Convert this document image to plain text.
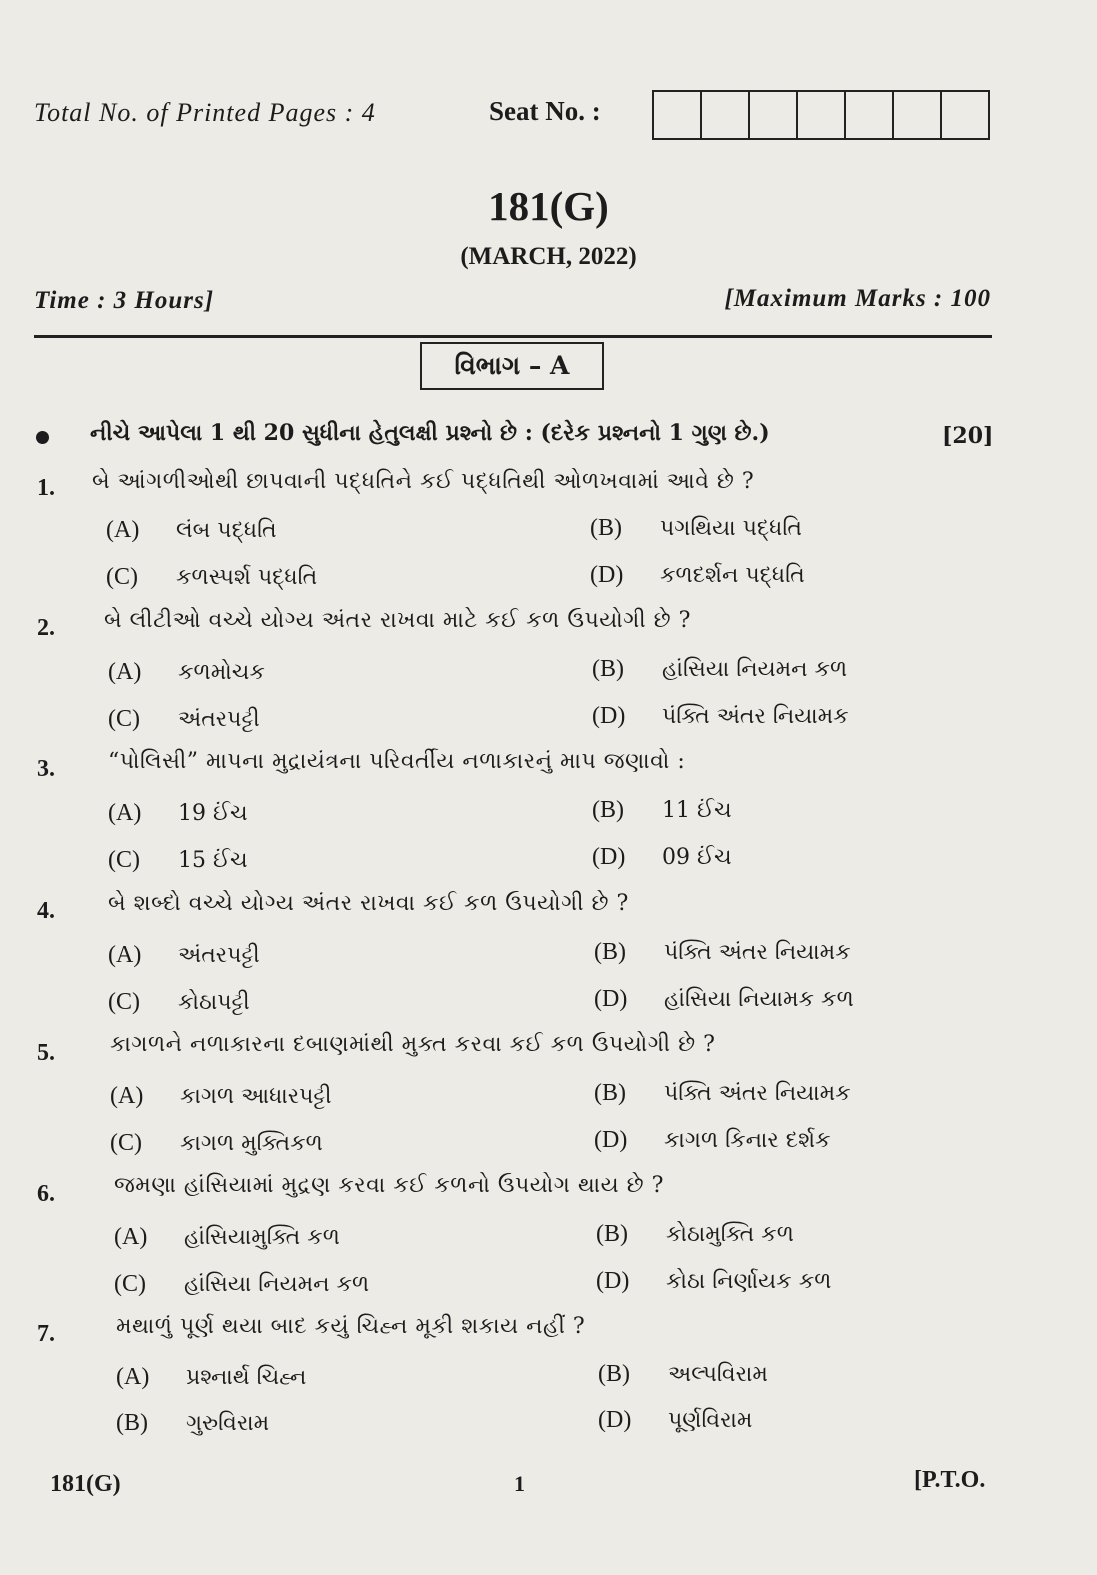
Total No. of Printed Pages : 4	Seat No. :
181(G)
(MARCH, 2022)
Time : 3 Hours]	[Maximum Marks : 100
વિભાગ – A
નીચે આપેલા 1 થી 20 સુધીના હેતુલક્ષી પ્રશ્નો છે : (દરેક પ્રશ્નનો 1 ગુણ છે.)	[20]
1. બે આંગળીઓથી છાપવાની પદ્ધતિને કઈ પદ્ધતિથી ઓળખવામાં આવે છે ?
(A) લંબ પદ્ધતિ	(B) પગથિયા પદ્ધતિ
(C) કળસ્પર્શ પદ્ધતિ	(D) કળદર્શન પદ્ધતિ
2. બે લીટીઓ વચ્ચે યોગ્ય અંતર રાખવા માટે કઈ કળ ઉપયોગી છે ?
(A) કળમોચક	(B) હાંસિયા નિયમન કળ
(C) અંતરપટ્ટી	(D) પંક્તિ અંતર નિયામક
3. “પોલિસી” માપના મુદ્રાયંત્રના પરિવર્તીય નળાકારનું માપ જણાવો :
(A) 19 ઈંચ	(B) 11 ઈંચ
(C) 15 ઈંચ	(D) 09 ઈંચ
4. બે શબ્દો વચ્ચે યોગ્ય અંતર રાખવા કઈ કળ ઉપયોગી છે ?
(A) અંતરપટ્ટી	(B) પંક્તિ અંતર નિયામક
(C) કોઠાપટ્ટી	(D) હાંસિયા નિયામક કળ
5.	કાગળને નળાકારના દબાણમાંથી મુક્ત કરવા કઈ કળ ઉપયોગી છે ?
(A) કાગળ આધારપટ્ટી	(B) પંક્તિ અંતર નિયામક
(C) કાગળ મુક્તિકળ	(D) કાગળ કિનાર દર્શક
6.	જમણા હાંસિયામાં મુદ્રણ કરવા કઈ કળનો ઉપયોગ થાય છે ?
(A) હાંસિયામુક્તિ કળ	(B) કોઠામુક્તિ કળ
(C) હાંસિયા નિયમન કળ	(D) કોઠા નિર્ણાયક કળ
7.	મથાળું પૂર્ણ થયા બાદ કયું ચિહ્ન મૂકી શકાય નહીં ?
(A) પ્રશ્નાર્થ ચિહ્ન	(B) અલ્પવિરામ
(B) ગુરુવિરામ	(D) પૂર્ણવિરામ
181(G)	1	[P.T.O.
